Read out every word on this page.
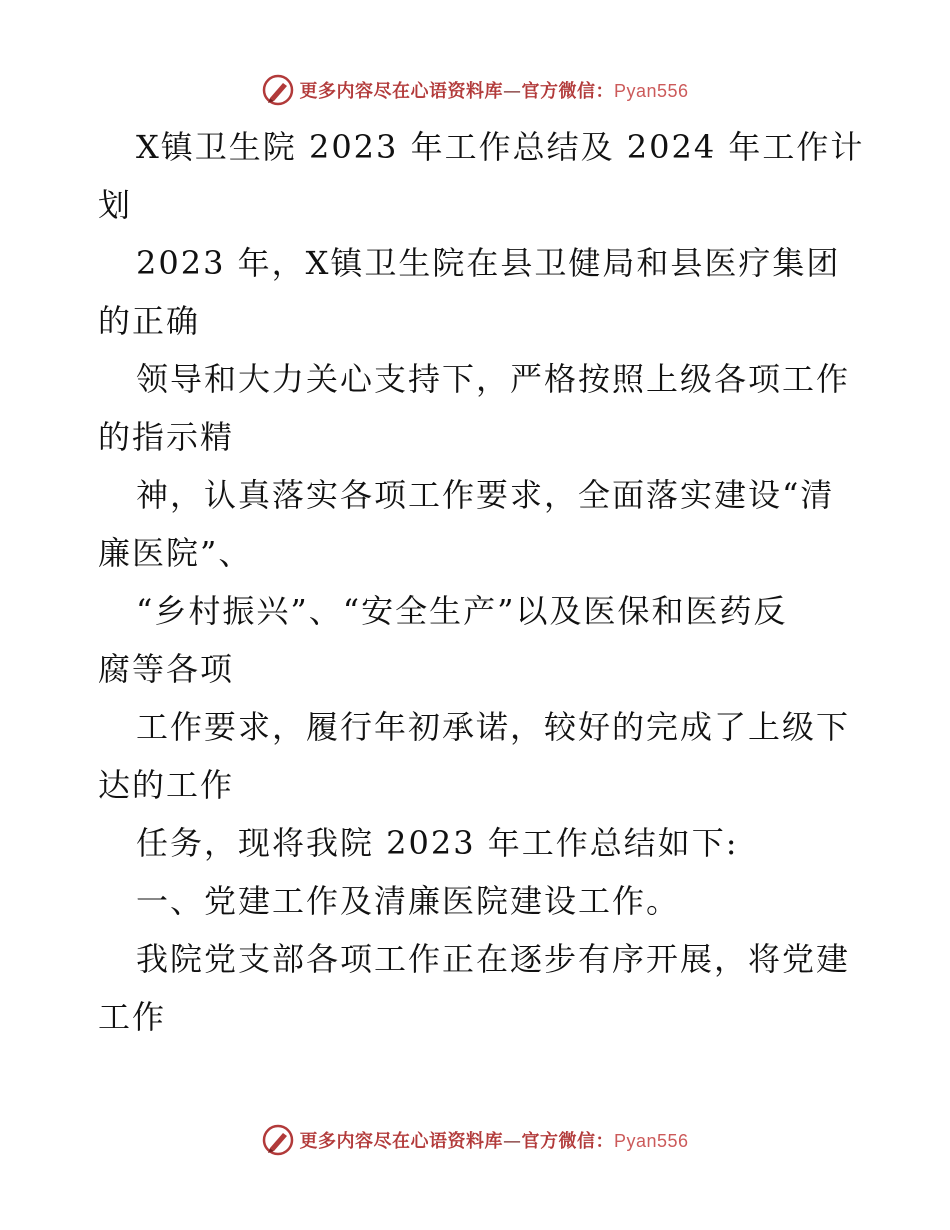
更多内容尽在心语资料库—官方微信：Pyan556
X镇卫生院 2023 年工作总结及 2024 年工作计
划
2023 年，X镇卫生院在县卫健局和县医疗集团
的正确
领导和大力关心支持下，严格按照上级各项工作
的指示精
神，认真落实各项工作要求，全面落实建设“清
廉医院”、
“乡村振兴”、“安全生产”以及医保和医药反
腐等各项
工作要求，履行年初承诺，较好的完成了上级下
达的工作
任务，现将我院 2023 年工作总结如下:
一、党建工作及清廉医院建设工作。
我院党支部各项工作正在逐步有序开展，将党建
工作
更多内容尽在心语资料库—官方微信：Pyan556
